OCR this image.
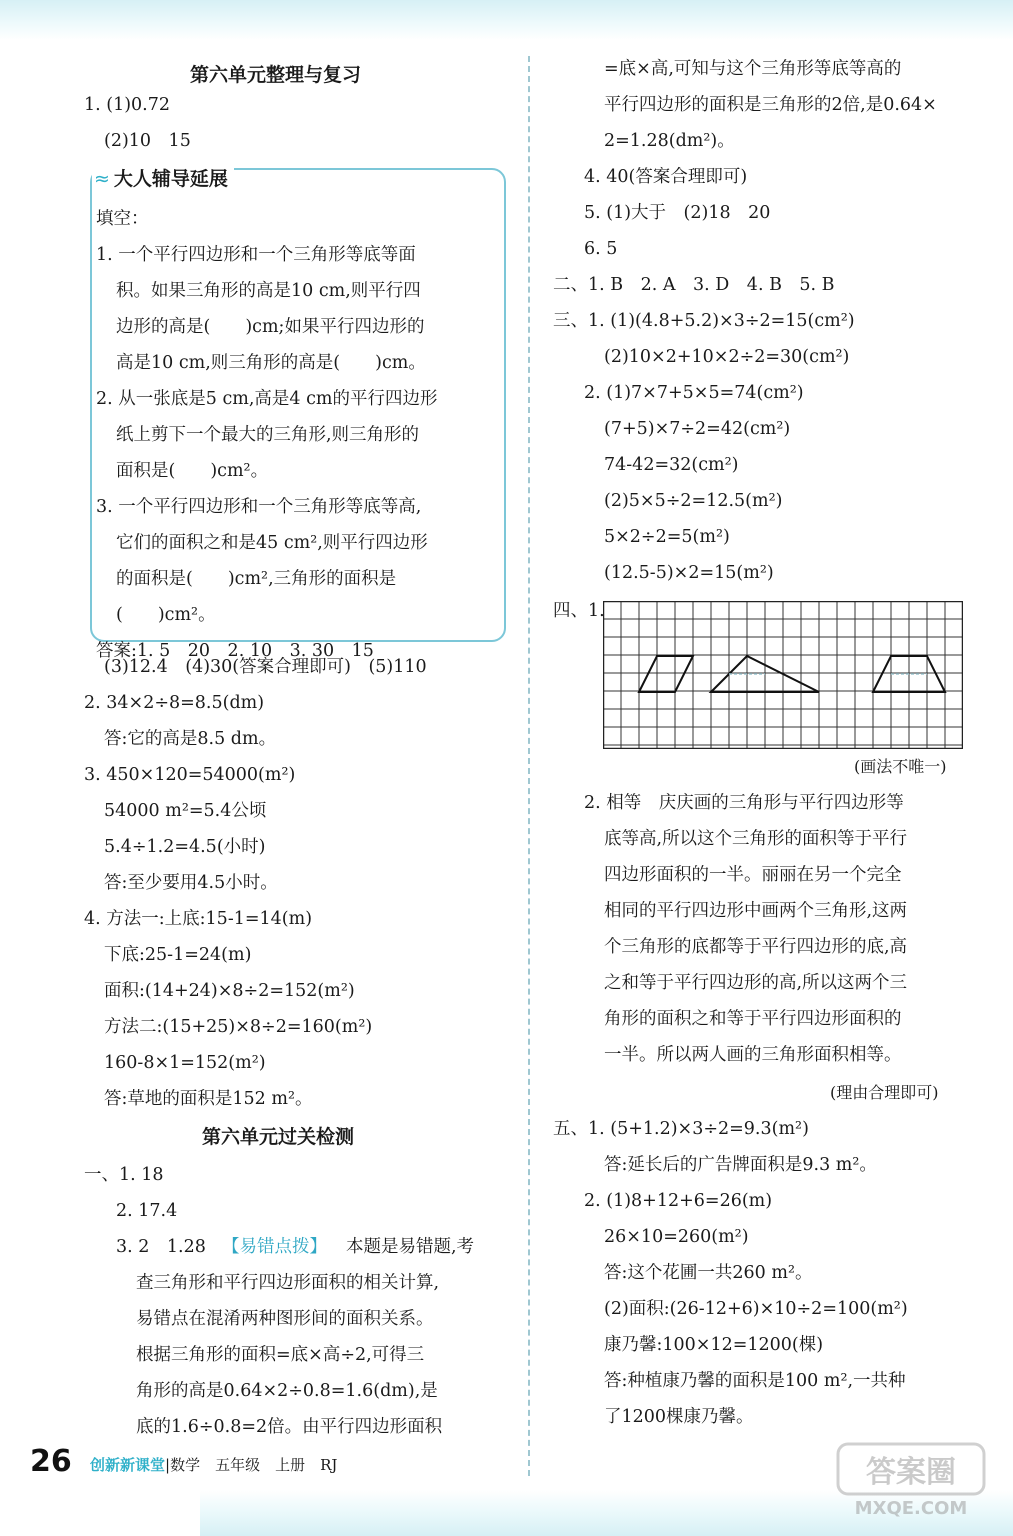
第六单元整理与复习
1. (1)0.72
(2)10　15
≈ 大人辅导延展
填空：
1. 一个平行四边形和一个三角形等底等面
积。如果三角形的高是10 cm,则平行四
边形的高是(　　)cm;如果平行四边形的
高是10 cm,则三角形的高是(　　)cm。
2. 从一张底是5 cm,高是4 cm的平行四边形
纸上剪下一个最大的三角形,则三角形的
面积是(　　)cm²。
3. 一个平行四边形和一个三角形等底等高,
它们的面积之和是45 cm²,则平行四边形
的面积是(　　)cm²,三角形的面积是
(　　)cm²。
答案:1. 5　20　2. 10　3. 30　15
(3)12.4　(4)30(答案合理即可)　(5)110
2. 34×2÷8=8.5(dm)
答:它的高是8.5 dm。
3. 450×120=54000(m²)
54000 m²=5.4公顷
5.4÷1.2=4.5(小时)
答:至少要用4.5小时。
4. 方法一:上底:15-1=14(m)
下底:25-1=24(m)
面积:(14+24)×8÷2=152(m²)
方法二:(15+25)×8÷2=160(m²)
160-8×1=152(m²)
答:草地的面积是152 m²。
第六单元过关检测
一、1. 18
2. 17.4
3. 2　1.28	本题是易错题,考
查三角形和平行四边形面积的相关计算,
易错点在混淆两种图形间的面积关系。
根据三角形的面积=底×高÷2,可得三
角形的高是0.64×2÷0.8=1.6(dm),是
底的1.6÷0.8=2倍。由平行四边形面积
【易错点拨】
=底×高,可知与这个三角形等底等高的
平行四边形的面积是三角形的2倍,是0.64×
2=1.28(dm²)。
4. 40(答案合理即可)
5. (1)大于　(2)18　20
6. 5
二、1. B　2. A　3. D　4. B　5. B
三、1. (1)(4.8+5.2)×3÷2=15(cm²)
(2)10×2+10×2÷2=30(cm²)
2. (1)7×7+5×5=74(cm²)
(7+5)×7÷2=42(cm²)
74-42=32(cm²)
(2)5×5÷2=12.5(m²)
5×2÷2=5(m²)
(12.5-5)×2=15(m²)
四、1.
(画法不唯一)
2. 相等　庆庆画的三角形与平行四边形等
底等高,所以这个三角形的面积等于平行
四边形面积的一半。丽丽在另一个完全
相同的平行四边形中画两个三角形,这两
个三角形的底都等于平行四边形的底,高
之和等于平行四边形的高,所以这两个三
角形的面积之和等于平行四边形面积的
一半。所以两人画的三角形面积相等。
(理由合理即可)
五、1. (5+1.2)×3÷2=9.3(m²)
答:延长后的广告牌面积是9.3 m²。
2. (1)8+12+6=26(m)
26×10=260(m²)
答:这个花圃一共260 m²。
(2)面积:(26-12+6)×10÷2=100(m²)
康乃馨:100×12=1200(棵)
答:种植康乃馨的面积是100 m²,一共种
了1200棵康乃馨。
26 创新新课堂|数学　五年级　上册　RJ	答案圈
MXQE.COM
